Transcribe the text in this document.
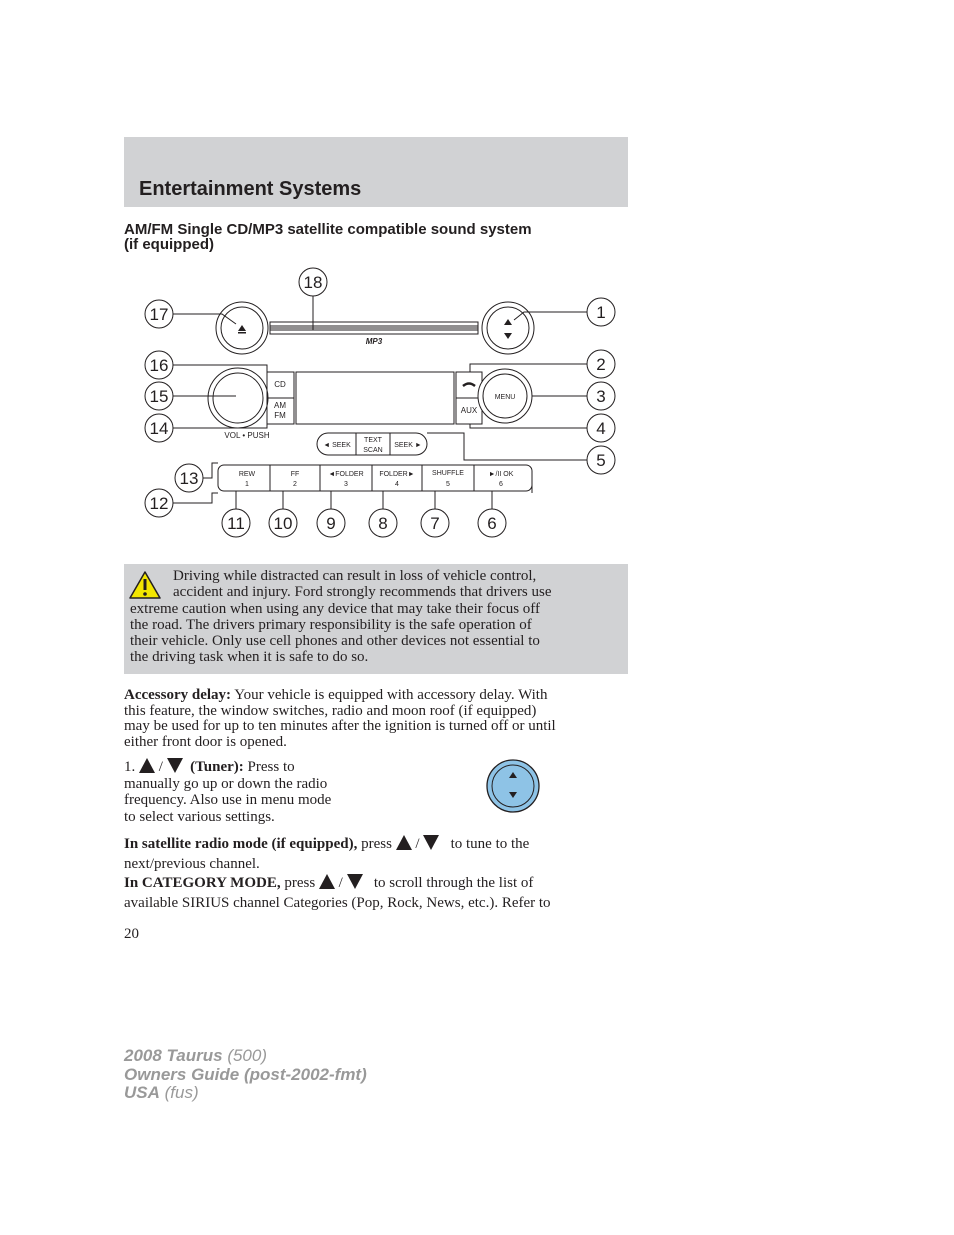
Entertainment Systems
AM/FM Single CD/MP3 satellite compatible sound system
(if equipped)
18
17	1
16	2
15	3
14	4
5
13
12
11 10 9	8	7	6
MP3
CD
AM
FM
VOL • PUSH
MENU
AUX
◄ SEEK
TEXT
SCAN
SEEK ►
REW
1
FF
2
◄FOLDER
3
FOLDER►
4
SHUFFLE
5
►/II OK
6
Driving while distracted can result in loss of vehicle control,
accident and injury. Ford strongly recommends that drivers use
extreme caution when using any device that may take their focus off
the road. The drivers primary responsibility is the safe operation of
their vehicle. Only use cell phones and other devices not essential to
the driving task when it is safe to do so.
Accessory delay: Your vehicle is equipped with accessory delay. With
this feature, the window switches, radio and moon roof (if equipped)
may be used for up to ten minutes after the ignition is turned off or until
either front door is opened.
1. / (Tuner): Press to
manually go up or down the radio
frequency. Also use in menu mode
to select various settings.
In satellite radio mode (if equipped), press  /    to tune to the
next/previous channel.
In CATEGORY MODE, press  /    to scroll through the list of
available SIRIUS channel Categories (Pop, Rock, News, etc.). Refer to
20
2008 Taurus (500)
Owners Guide (post-2002-fmt)
USA (fus)
